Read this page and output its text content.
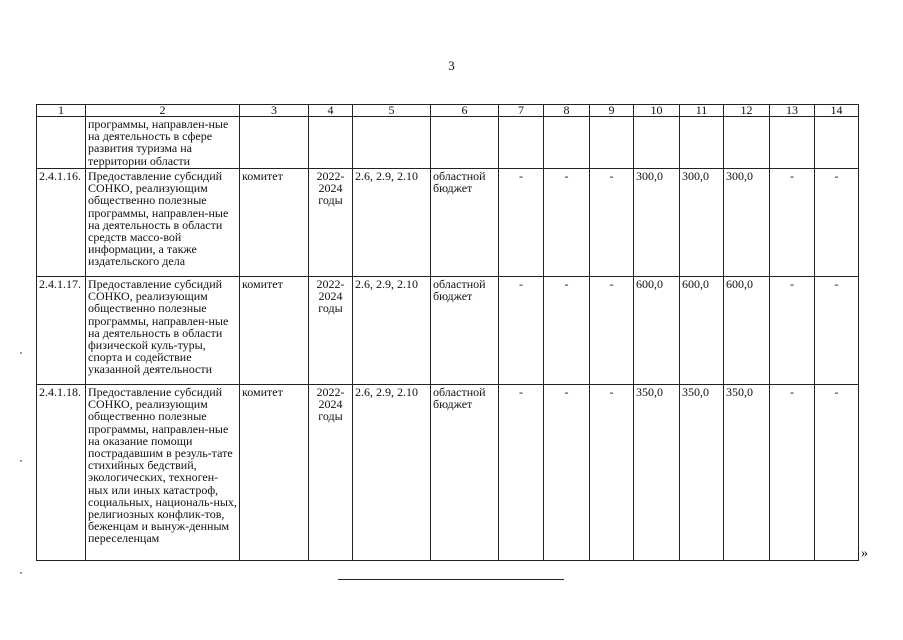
3
1	2	3	4	5	6	7	8	9	10	11	12	13	14
	программы, направлен-ные на деятельность в сфере развития туризма на территории области												
2.4.1.16.	Предоставление субсидий СОНКО, реализующим общественно полезные программы, направлен-ные на деятельность в области средств массо-вой информации, а также издательского дела	комитет	2022-2024 годы	2.6, 2.9, 2.10	областной бюджет	-	-	-	300,0	300,0	300,0	-	-
2.4.1.17.	Предоставление субсидий СОНКО, реализующим общественно полезные программы, направлен-ные на деятельность в области физической куль-туры, спорта и содействие указанной деятельности	комитет	2022-2024 годы	2.6, 2.9, 2.10	областной бюджет	-	-	-	600,0	600,0	600,0	-	-
2.4.1.18.	Предоставление субсидий СОНКО, реализующим общественно полезные программы, направлен-ные на оказание помощи пострадавшим в резуль-тате стихийных бедствий, экологических, техноген-ных или иных катастроф, социальных, националь-ных, религиозных конфлик-тов, беженцам и вынуж-денным переселенцам	комитет	2022-2024 годы	2.6, 2.9, 2.10	областной бюджет	-	-	-	350,0	350,0	350,0	-	-
»
